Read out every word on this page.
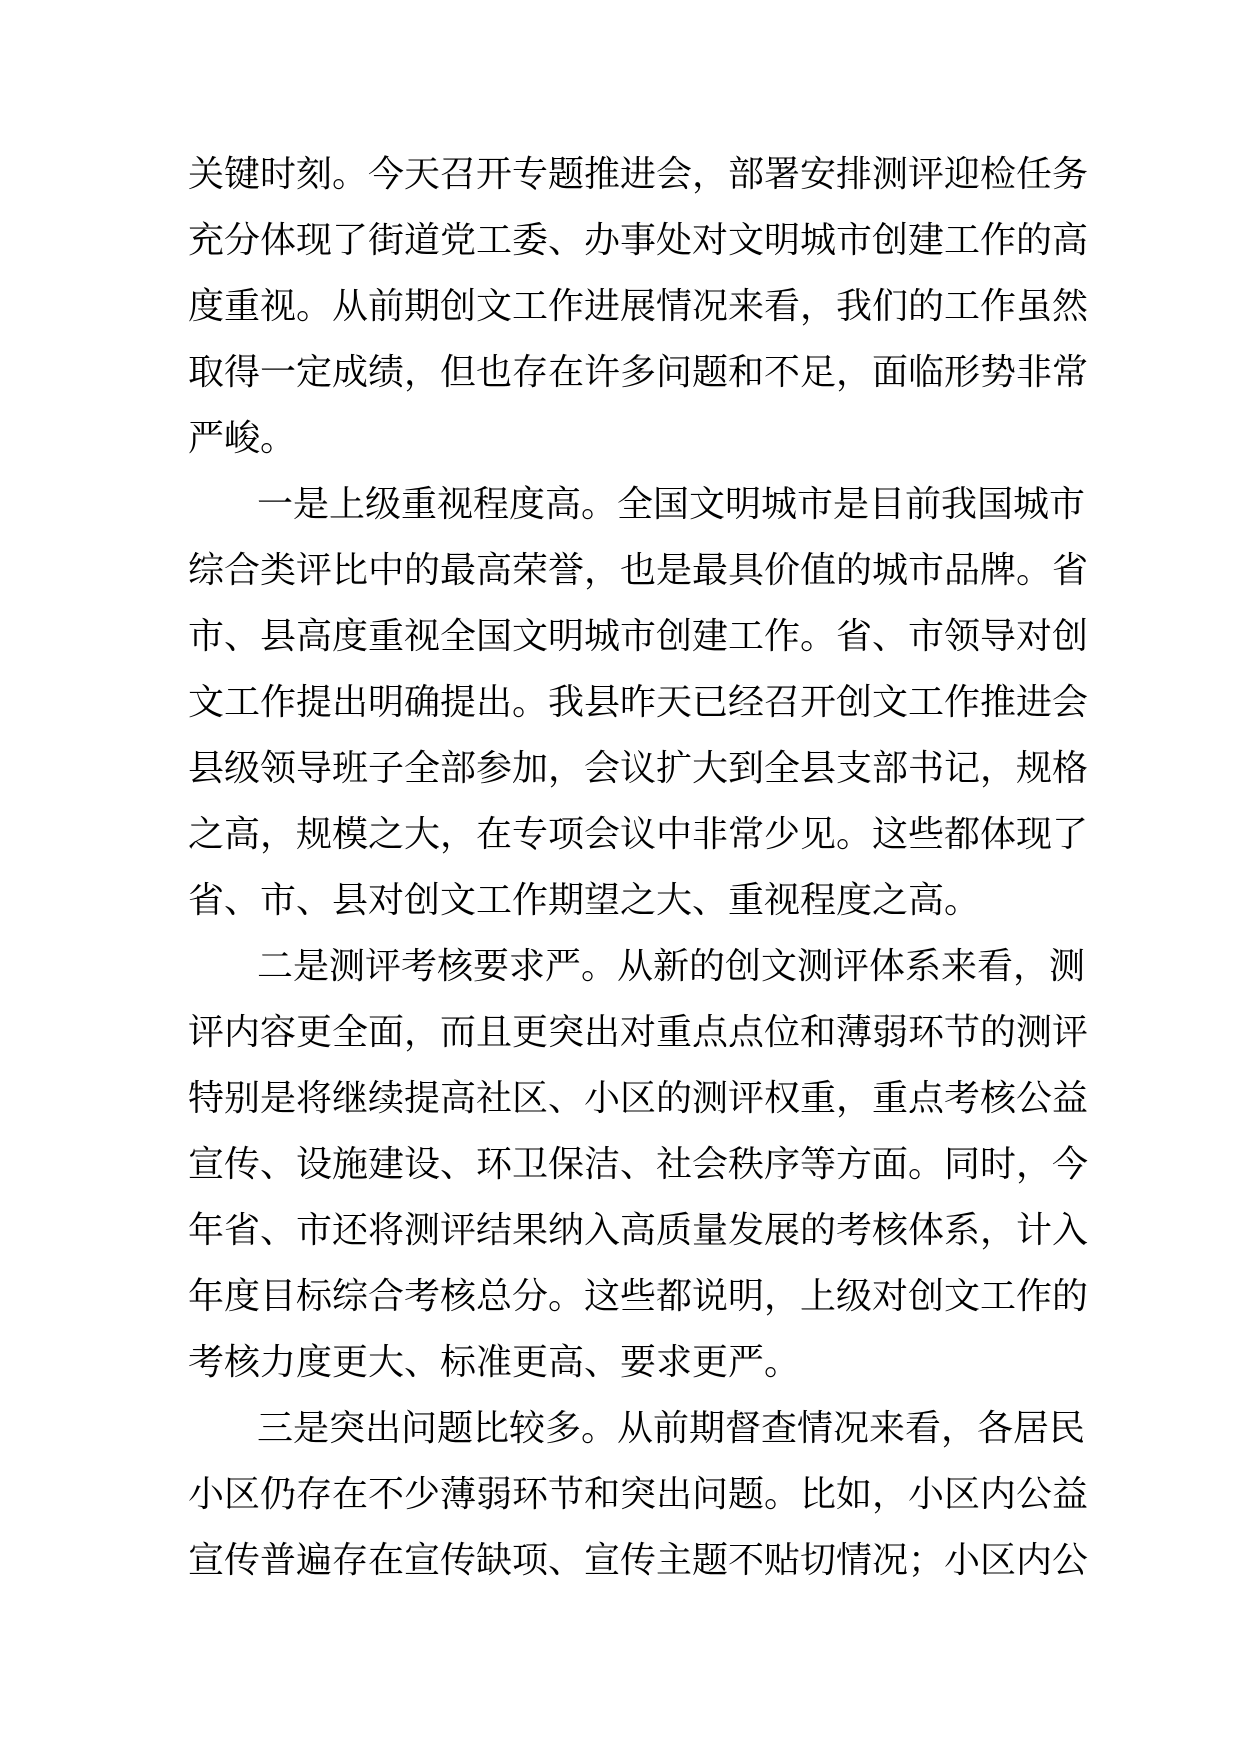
关键时刻。今天召开专题推进会，部署安排测评迎检任务
充分体现了街道党工委、办事处对文明城市创建工作的高
度重视。从前期创文工作进展情况来看，我们的工作虽然
取得一定成绩，但也存在许多问题和不足，面临形势非常
严峻。
一是上级重视程度高。全国文明城市是目前我国城市
综合类评比中的最高荣誉，也是最具价值的城市品牌。省
市、县高度重视全国文明城市创建工作。省、市领导对创
文工作提出明确提出。我县昨天已经召开创文工作推进会
县级领导班子全部参加，会议扩大到全县支部书记，规格
之高，规模之大，在专项会议中非常少见。这些都体现了
省、市、县对创文工作期望之大、重视程度之高。
二是测评考核要求严。从新的创文测评体系来看，测
评内容更全面，而且更突出对重点点位和薄弱环节的测评
特别是将继续提高社区、小区的测评权重，重点考核公益
宣传、设施建设、环卫保洁、社会秩序等方面。同时，今
年省、市还将测评结果纳入高质量发展的考核体系，计入
年度目标综合考核总分。这些都说明，上级对创文工作的
考核力度更大、标准更高、要求更严。
三是突出问题比较多。从前期督查情况来看，各居民
小区仍存在不少薄弱环节和突出问题。比如，小区内公益
宣传普遍存在宣传缺项、宣传主题不贴切情况；小区内公
